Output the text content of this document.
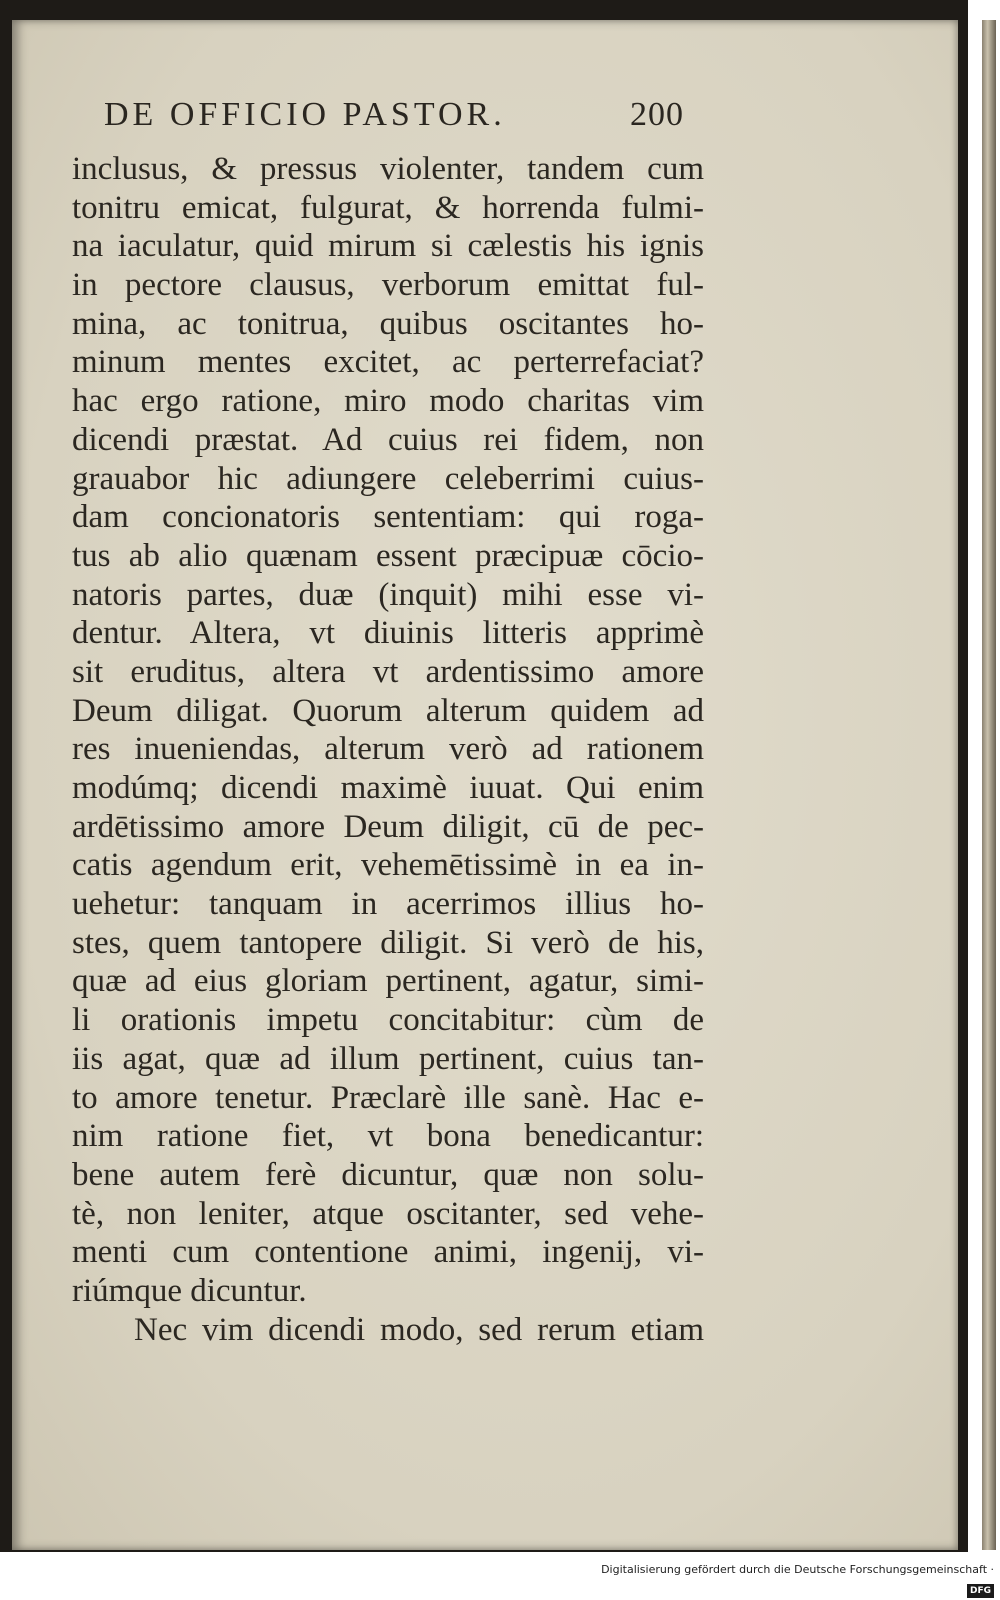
DE OFFICIO PASTOR.	200
inclusus, & pressus violenter, tandem cum
tonitru emicat, fulgurat, & horrenda fulmi-
na iaculatur, quid mirum si cælestis his ignis
in pectore clausus, verborum emittat ful-
mina, ac tonitrua, quibus oscitantes ho-
minum mentes excitet, ac perterrefaciat?
hac ergo ratione, miro modo charitas vim
dicendi præstat. Ad cuius rei fidem, non
grauabor hic adiungere celeberrimi cuius-
dam concionatoris sententiam: qui roga-
tus ab alio quænam essent præcipuæ cōcio-
natoris partes, duæ (inquit) mihi esse vi-
dentur. Altera, vt diuinis litteris apprimè
sit eruditus, altera vt ardentissimo amore
Deum diligat. Quorum alterum quidem ad
res inueniendas, alterum verò ad rationem
modúmq; dicendi maximè iuuat. Qui enim
ardētissimo amore Deum diligit, cū de pec-
catis agendum erit, vehemētissimè in ea in-
uehetur: tanquam in acerrimos illius ho-
stes, quem tantopere diligit. Si verò de his,
quæ ad eius gloriam pertinent, agatur, simi-
li orationis impetu concitabitur: cùm de
iis agat, quæ ad illum pertinent, cuius tan-
to amore tenetur. Præclarè ille sanè. Hac e-
nim ratione fiet, vt bona benedicantur:
bene autem ferè dicuntur, quæ non solu-
tè, non leniter, atque oscitanter, sed vehe-
menti cum contentione animi, ingenij, vi-
riúmque dicuntur.
Nec vim dicendi modo, sed rerum etiam
Digitalisierung gefördert durch die Deutsche Forschungsgemeinschaft · DFG
